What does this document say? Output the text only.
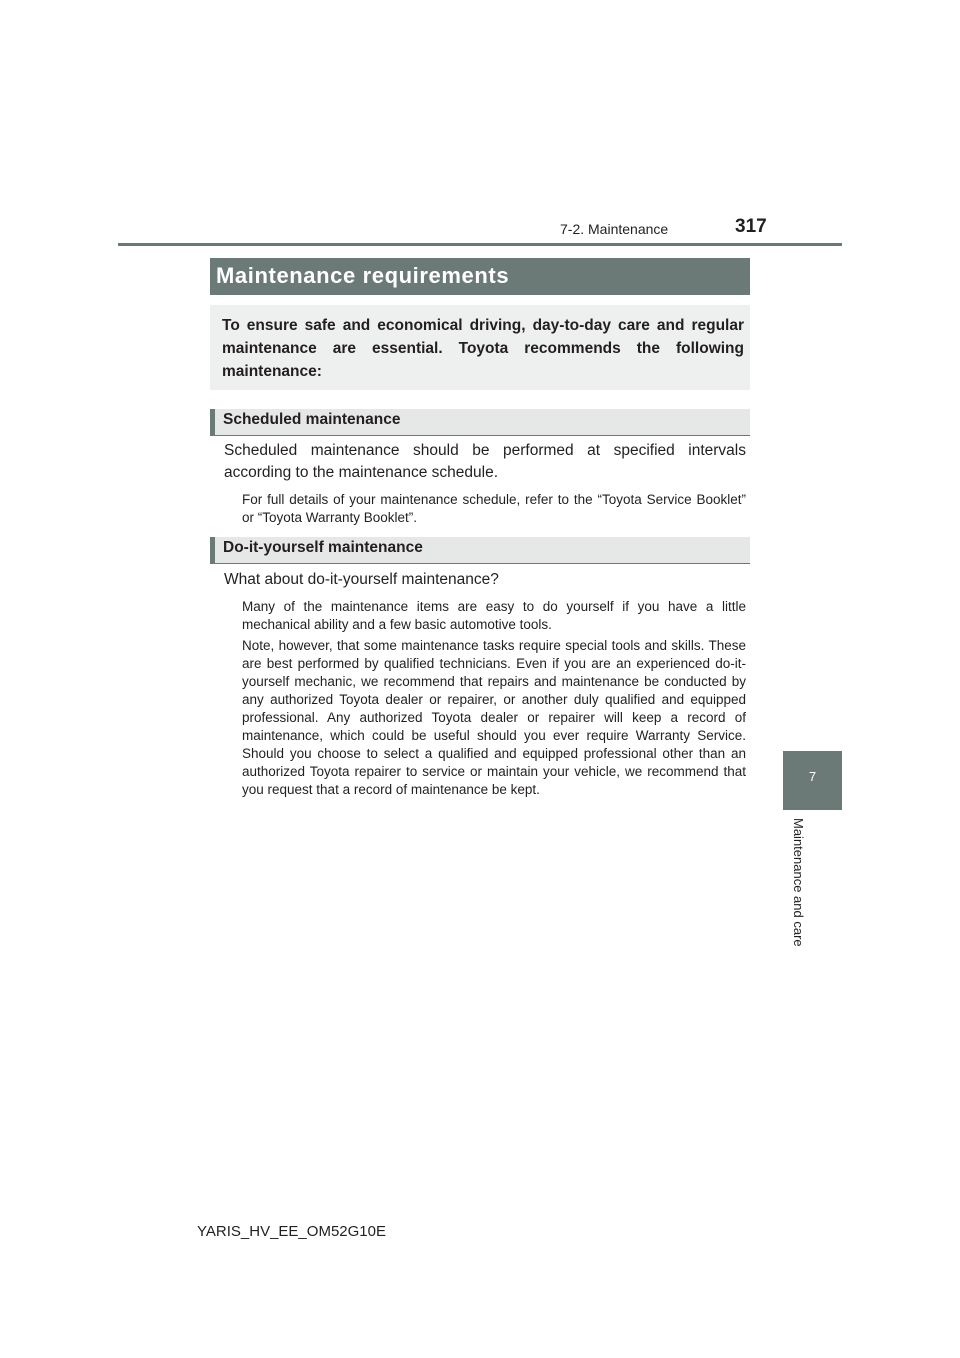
7-2. Maintenance	317
Maintenance requirements
To ensure safe and economical driving, day-to-day care and regular maintenance are essential. Toyota recommends the following maintenance:
Scheduled maintenance
Scheduled maintenance should be performed at specified intervals according to the maintenance schedule.
For full details of your maintenance schedule, refer to the “Toyota Service Booklet” or “Toyota Warranty Booklet”.
Do-it-yourself maintenance
What about do-it-yourself maintenance?
Many of the maintenance items are easy to do yourself if you have a little mechanical ability and a few basic automotive tools.
Note, however, that some maintenance tasks require special tools and skills. These are best performed by qualified technicians. Even if you are an experienced do-it-yourself mechanic, we recommend that repairs and maintenance be conducted by any authorized Toyota dealer or repairer, or another duly qualified and equipped professional. Any authorized Toyota dealer or repairer will keep a record of maintenance, which could be useful should you ever require Warranty Service. Should you choose to select a qualified and equipped professional other than an authorized Toyota repairer to service or maintain your vehicle, we recommend that you request that a record of maintenance be kept.
7
Maintenance and care
YARIS_HV_EE_OM52G10E
